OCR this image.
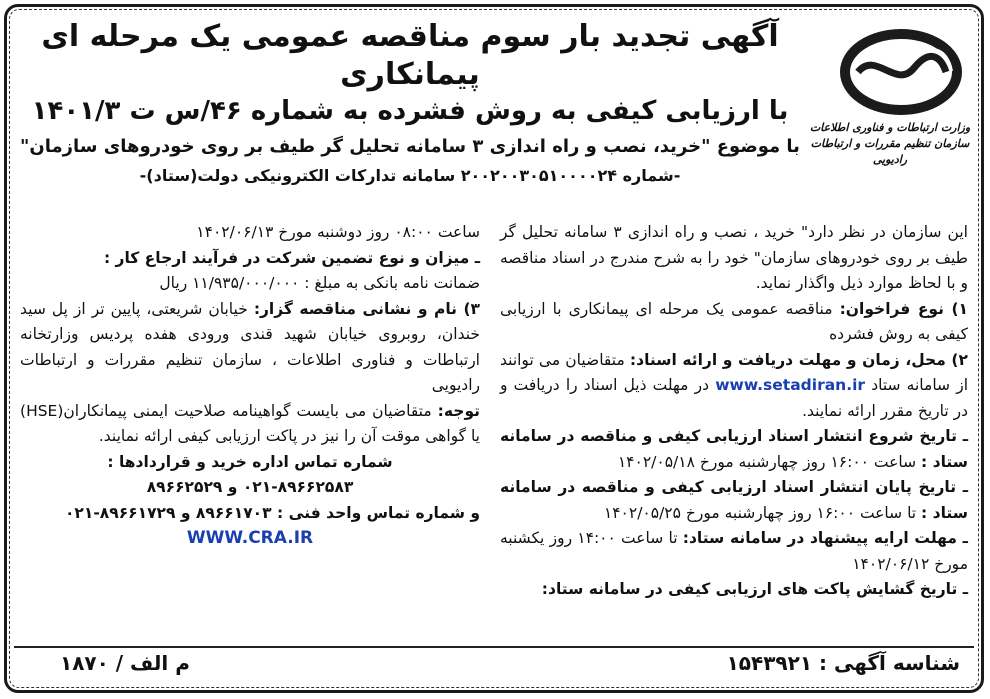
وزارت ارتباطات و فناوری اطلاعات
سازمان تنظیم مقررات و ارتباطات رادیویی
آگهی تجدید بار سوم مناقصه عمومی یک مرحله ای پیمانکاری
با ارزیابی کیفی به روش فشرده به شماره ۴۶/س ت ۱۴۰۱/۳
با موضوع "خرید، نصب و راه اندازی ۳ سامانه تحلیل گر طیف بر روی خودروهای سازمان"
-شماره ۲۰۰۲۰۰۳۰۵۱۰۰۰۰۲۴ سامانه تدارکات الکترونیکی دولت(ستاد)-

این سازمان در نظر دارد" خرید ، نصب و راه اندازی ۳ سامانه تحلیل گر طیف بر روی خودروهای سازمان" خود را به شرح مندرج در اسناد مناقصه و با لحاظ موارد ذیل واگذار نماید.

۱) نوع فراخوان: مناقصه عمومی یک مرحله ای پیمانکاری با ارزیابی کیفی به روش فشرده

۲) محل، زمان و مهلت دریافت و ارائه اسناد: متقاضیان می توانند از سامانه ستاد www.setadiran.ir در مهلت ذیل اسناد را دریافت و در تاریخ مقرر ارائه نمایند.

ـ تاریخ شروع انتشار اسناد ارزیابی کیفی و مناقصه در سامانه ستاد : ساعت ۱۶:۰۰ روز چهارشنبه مورخ ۱۴۰۲/۰۵/۱۸

ـ تاریخ پایان انتشار اسناد ارزیابی کیفی و مناقصه در سامانه ستاد : تا ساعت ۱۶:۰۰ روز چهارشنبه مورخ ۱۴۰۲/۰۵/۲۵

ـ مهلت ارایه پیشنهاد در سامانه ستاد: تا ساعت ۱۴:۰۰ روز یکشنبه مورخ ۱۴۰۲/۰۶/۱۲

ـ تاریخ گشایش پاکت های ارزیابی کیفی در سامانه ستاد:

ساعت ۰۸:۰۰ روز دوشنبه مورخ ۱۴۰۲/۰۶/۱۳

ـ میزان و نوع تضمین شرکت در فرآیند ارجاع کار :

ضمانت نامه بانکی به مبلغ : ۱۱/۹۳۵/۰۰۰/۰۰۰ ریال

۳) نام و نشانی مناقصه گزار: خیابان شریعتی، پایین تر از پل سید خندان، روبروی خیابان شهید قندی ورودی هفده پردیس وزارتخانه ارتباطات و فناوری اطلاعات ، سازمان تنظیم مقررات و ارتباطات رادیویی

توجه: متقاضیان می بایست گواهینامه صلاحیت ایمنی پیمانکاران(HSE) یا گواهی موقت آن را نیز در پاکت ارزیابی کیفی ارائه نمایند.

شماره تماس اداره خرید و قراردادها :

۰۲۱-۸۹۶۶۲۵۸۳ و ۸۹۶۶۲۵۲۹

و شماره تماس واحد فنی : ۸۹۶۶۱۷۰۳ و ۸۹۶۶۱۷۲۹-۰۲۱

WWW.CRA.IR

شناسه آگهی : ۱۵۴۳۹۲۱
م الف / ۱۸۷۰
